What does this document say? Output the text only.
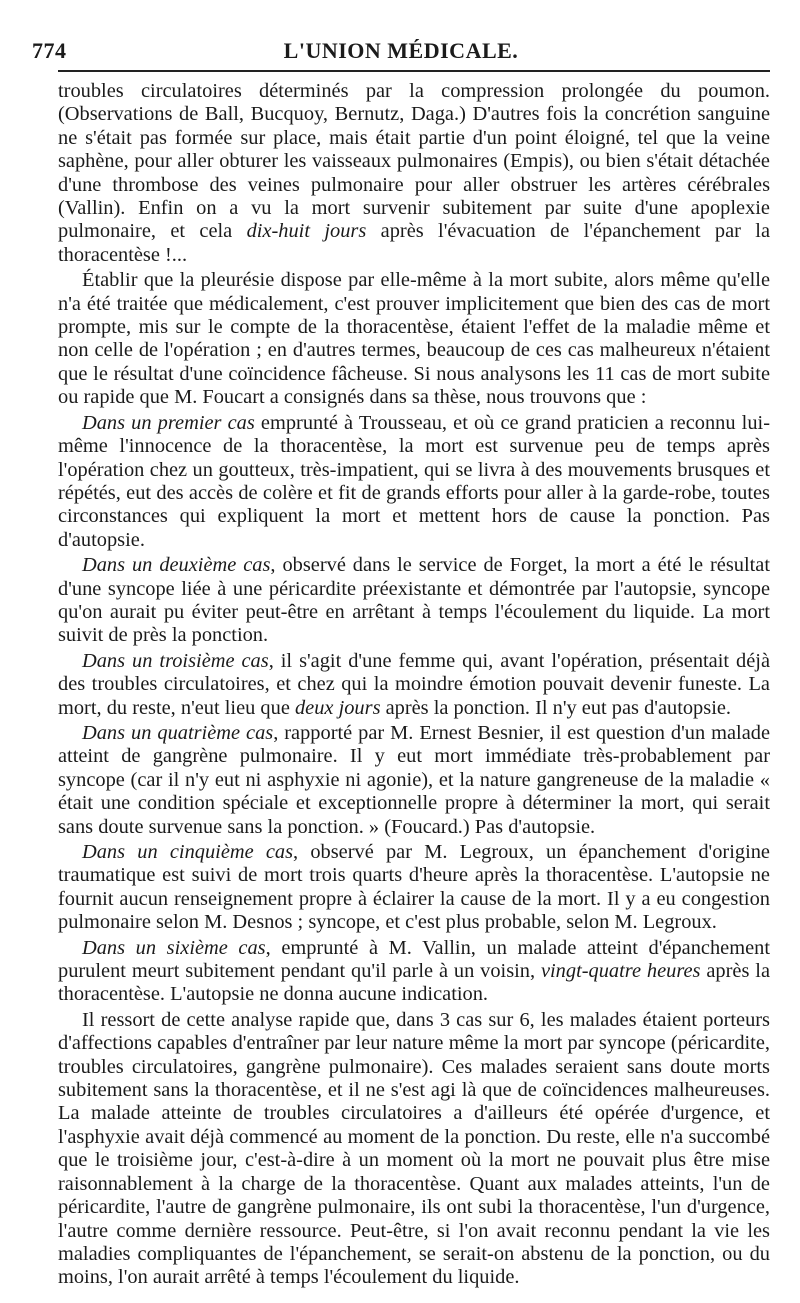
774	L'UNION MÉDICALE.

troubles circulatoires déterminés par la compression prolongée du poumon. (Observations de Ball, Bucquoy, Bernutz, Daga.) D'autres fois la concrétion sanguine ne s'était pas formée sur place, mais était partie d'un point éloigné, tel que la veine saphène, pour aller obturer les vaisseaux pulmonaires (Empis), ou bien s'était détachée d'une thrombose des veines pulmonaire pour aller obstruer les artères cérébrales (Vallin). Enfin on a vu la mort survenir subitement par suite d'une apoplexie pulmonaire, et cela dix-huit jours après l'évacuation de l'épanchement par la thoracentèse !...

Établir que la pleurésie dispose par elle-même à la mort subite, alors même qu'elle n'a été traitée que médicalement, c'est prouver implicitement que bien des cas de mort prompte, mis sur le compte de la thoracentèse, étaient l'effet de la maladie même et non celle de l'opération ; en d'autres termes, beaucoup de ces cas malheureux n'étaient que le résultat d'une coïncidence fâcheuse. Si nous analysons les 11 cas de mort subite ou rapide que M. Foucart a consignés dans sa thèse, nous trouvons que :

Dans un premier cas emprunté à Trousseau, et où ce grand praticien a reconnu lui-même l'innocence de la thoracentèse, la mort est survenue peu de temps après l'opération chez un goutteux, très-impatient, qui se livra à des mouvements brusques et répétés, eut des accès de colère et fit de grands efforts pour aller à la garde-robe, toutes circonstances qui expliquent la mort et mettent hors de cause la ponction. Pas d'autopsie.

Dans un deuxième cas, observé dans le service de Forget, la mort a été le résultat d'une syncope liée à une péricardite préexistante et démontrée par l'autopsie, syncope qu'on aurait pu éviter peut-être en arrêtant à temps l'écoulement du liquide. La mort suivit de près la ponction.

Dans un troisième cas, il s'agit d'une femme qui, avant l'opération, présentait déjà des troubles circulatoires, et chez qui la moindre émotion pouvait devenir funeste. La mort, du reste, n'eut lieu que deux jours après la ponction. Il n'y eut pas d'autopsie.

Dans un quatrième cas, rapporté par M. Ernest Besnier, il est question d'un malade atteint de gangrène pulmonaire. Il y eut mort immédiate très-probablement par syncope (car il n'y eut ni asphyxie ni agonie), et la nature gangreneuse de la maladie « était une condition spéciale et exceptionnelle propre à déterminer la mort, qui serait sans doute survenue sans la ponction. » (Foucard.) Pas d'autopsie.

Dans un cinquième cas, observé par M. Legroux, un épanchement d'origine traumatique est suivi de mort trois quarts d'heure après la thoracentèse. L'autopsie ne fournit aucun renseignement propre à éclairer la cause de la mort. Il y a eu congestion pulmonaire selon M. Desnos ; syncope, et c'est plus probable, selon M. Legroux.

Dans un sixième cas, emprunté à M. Vallin, un malade atteint d'épanchement purulent meurt subitement pendant qu'il parle à un voisin, vingt-quatre heures après la thoracentèse. L'autopsie ne donna aucune indication.

Il ressort de cette analyse rapide que, dans 3 cas sur 6, les malades étaient porteurs d'affections capables d'entraîner par leur nature même la mort par syncope (péricardite, troubles circulatoires, gangrène pulmonaire). Ces malades seraient sans doute morts subitement sans la thoracentèse, et il ne s'est agi là que de coïncidences malheureuses. La malade atteinte de troubles circulatoires a d'ailleurs été opérée d'urgence, et l'asphyxie avait déjà commencé au moment de la ponction. Du reste, elle n'a succombé que le troisième jour, c'est-à-dire à un moment où la mort ne pouvait plus être mise raisonnablement à la charge de la thoracentèse. Quant aux malades atteints, l'un de péricardite, l'autre de gangrène pulmonaire, ils ont subi la thoracentèse, l'un d'urgence, l'autre comme dernière ressource. Peut-être, si l'on avait reconnu pendant la vie les maladies compliquantes de l'épanchement, se serait-on abstenu de la ponction, ou du moins, l'on aurait arrêté à temps l'écoulement du liquide.
